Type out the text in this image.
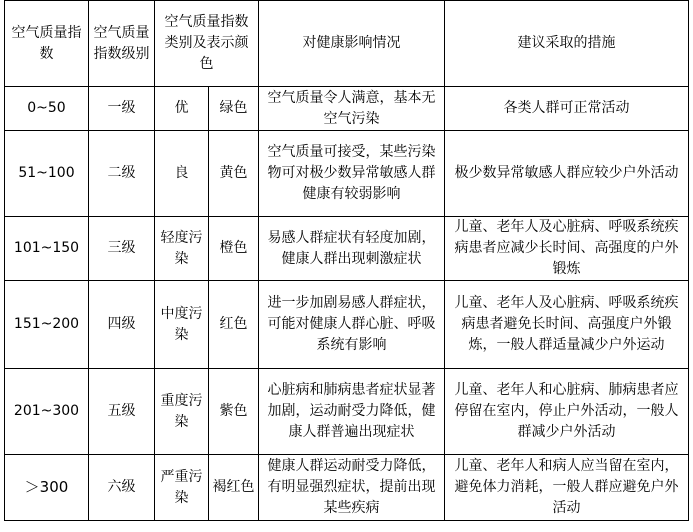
空气质量指数	空气质量指数级别	空气质量指数类别及表示颜色		对健康影响情况	建议采取的措施
0~50	一级	优	绿色	空气质量令人满意，基本无空气污染	各类人群可正常活动
51~100	二级	良	黄色	空气质量可接受，某些污染物可对极少数异常敏感人群健康有较弱影响	极少数异常敏感人群应较少户外活动
101~150	三级	轻度污染	橙色	易感人群症状有轻度加剧，健康人群出现刺激症状	儿童、老年人及心脏病、呼吸系统疾病患者应减少长时间、高强度的户外锻炼
151~200	四级	中度污染	红色	进一步加剧易感人群症状，可能对健康人群心脏、呼吸系统有影响	儿童、老年人及心脏病、呼吸系统疾病患者避免长时间、高强度户外锻炼，一般人群适量减少户外运动
201~300	五级	重度污染	紫色	心脏病和肺病患者症状显著加剧，运动耐受力降低，健康人群普遍出现症状	儿童、老年人和心脏病、肺病患者应停留在室内，停止户外活动，一般人群减少户外活动
＞300	六级	严重污染	褐红色	健康人群运动耐受力降低，有明显强烈症状，提前出现某些疾病	儿童、老年人和病人应当留在室内，避免体力消耗，一般人群应避免户外活动
